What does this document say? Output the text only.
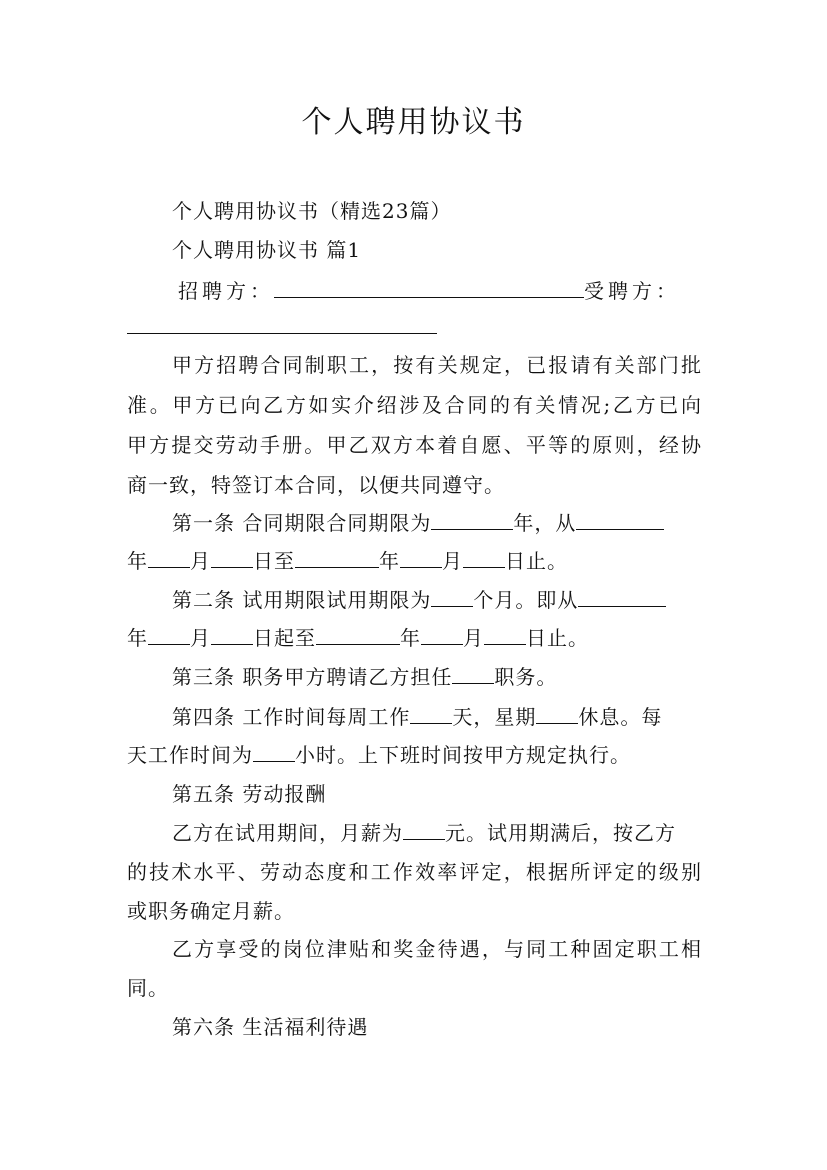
个人聘用协议书
个人聘用协议书（精选23篇）
个人聘用协议书 篇1
招聘方：	受聘方：
甲方招聘合同制职工，按有关规定，已报请有关部门批
准。甲方已向乙方如实介绍涉及合同的有关情况;乙方已向
甲方提交劳动手册。甲乙双方本着自愿、平等的原则，经协
商一致，特签订本合同，以便共同遵守。
第一条 合同期限合同期限为	年，从
年 月 日至	年 月 日止。
第二条 试用期限试用期限为 个月。即从
年 月 日起至	年 月 日止。
第三条 职务甲方聘请乙方担任 职务。
第四条 工作时间每周工作 天，星期 休息。每
天工作时间为 小时。上下班时间按甲方规定执行。
第五条 劳动报酬
乙方在试用期间，月薪为 元。试用期满后，按乙方
的技术水平、劳动态度和工作效率评定，根据所评定的级别
或职务确定月薪。
乙方享受的岗位津贴和奖金待遇，与同工种固定职工相
同。
第六条 生活福利待遇
